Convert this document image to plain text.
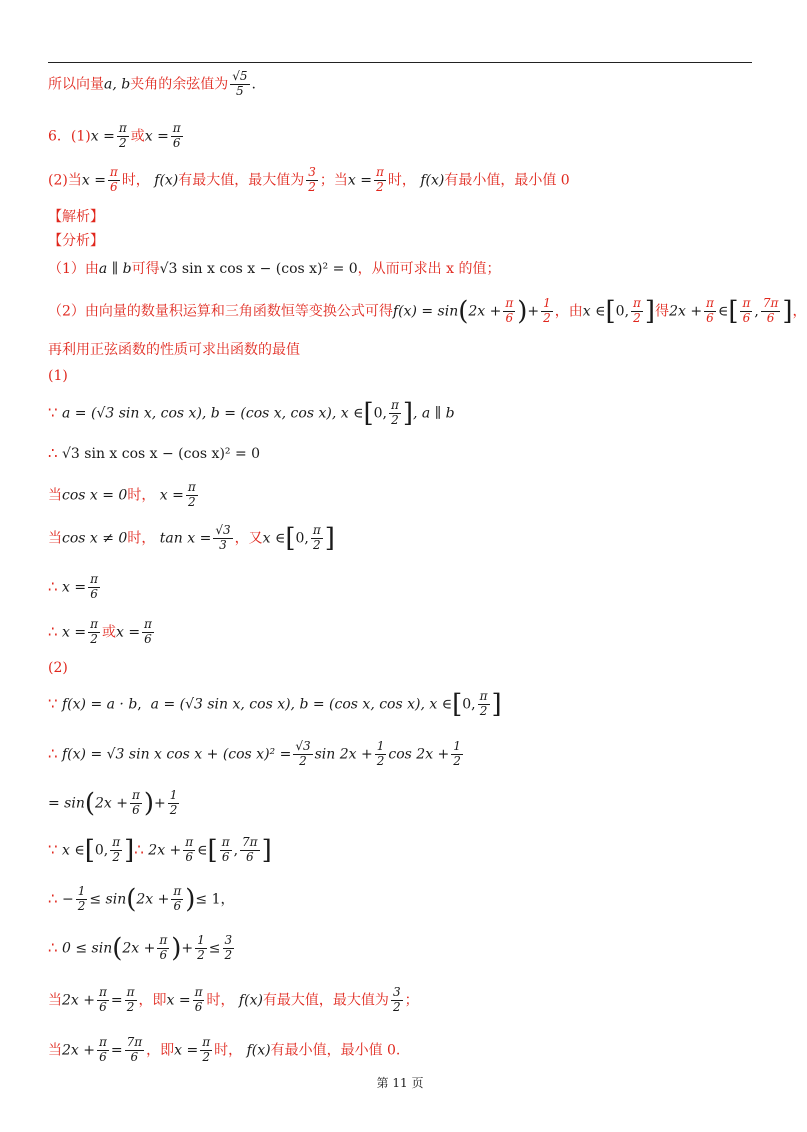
所以向量a, b夹角的余弦值为 $\frac{√5}{5}$ .
6．$(1)x = \frac{\pi}{2}$ 或$x = \frac{\pi}{6}$
(2)当$x = \frac{\pi}{6}$ 时， f(x)有最大值，最大值为 $\frac{3}{2}$ ；当$x = \frac{\pi}{2}$ 时， f(x)有最小值，最小值 0
【解析】
【分析】
（1）由a ∥ b可得√3 sin x cos x − (cos x)² = 0，从而可求出 x 的值；
（2）由向量的数量积运算和三角函数恒等变换公式可得$f(x) = \sin(2x + \frac{\pi}{6}$ )+ $\frac{1}{2}$ ，由x ∈[0, $\frac{\pi}{2}$ ]得$2x + \frac{\pi}{6}$ ∈[ $\frac{\pi}{6}$ , $\frac{7\pi}{6}$ ]，
再利用正弦函数的性质可求出函数的最值
(1)
∵ a = (√3 sin x, cos x), b = (cos x, cos x), x ∈[0, $\frac{\pi}{2}$ ], a ∥ b
∴ √3 sin x cos x − (cos x)² = 0
当cos x = 0时， $x = \frac{\pi}{2}$
当cos x ≠ 0时， $\tan x = \frac{√3}{3}$ ，又x ∈[0, $\frac{\pi}{2}$ ]
∴ $x = \frac{\pi}{6}$
∴ $x = \frac{\pi}{2}$ 或$x = \frac{\pi}{6}$
(2)
∵ f(x) = a · b,  a = (√3 sin x, cos x), b = (cos x, cos x), x ∈[0, $\frac{\pi}{2}$ ]
∴ f(x) = √3 sin x cos x + (cos $x)^2 = \frac{√3}{2}$ $\sin 2x + \frac{1}{2}$ $\cos 2x + \frac{1}{2}$
= $\sin(2x + \frac{\pi}{6}$ )+ $\frac{1}{2}$
∵ x ∈[0, $\frac{\pi}{2}$ ]∴ $2x + \frac{\pi}{6}$ ∈[ $\frac{\pi}{6}$ , $\frac{7\pi}{6}$ ]
∴ − $\frac{1}{2} \le \sin(2x + \frac{\pi}{6}$ )≤ 1，
∴ $0 \le \sin(2x + \frac{\pi}{6}$ )+ $\frac{1}{2} \le \frac{3}{2}$
当$2x + \frac{\pi}{6} = \frac{\pi}{2}$ ，即$x = \frac{\pi}{6}$ 时， f(x)有最大值，最大值为 $\frac{3}{2}$ ；
当$2x + \frac{\pi}{6} = \frac{7\pi}{6}$ ，即$x = \frac{\pi}{2}$ 时， f(x)有最小值，最小值 0.
第 11 页
